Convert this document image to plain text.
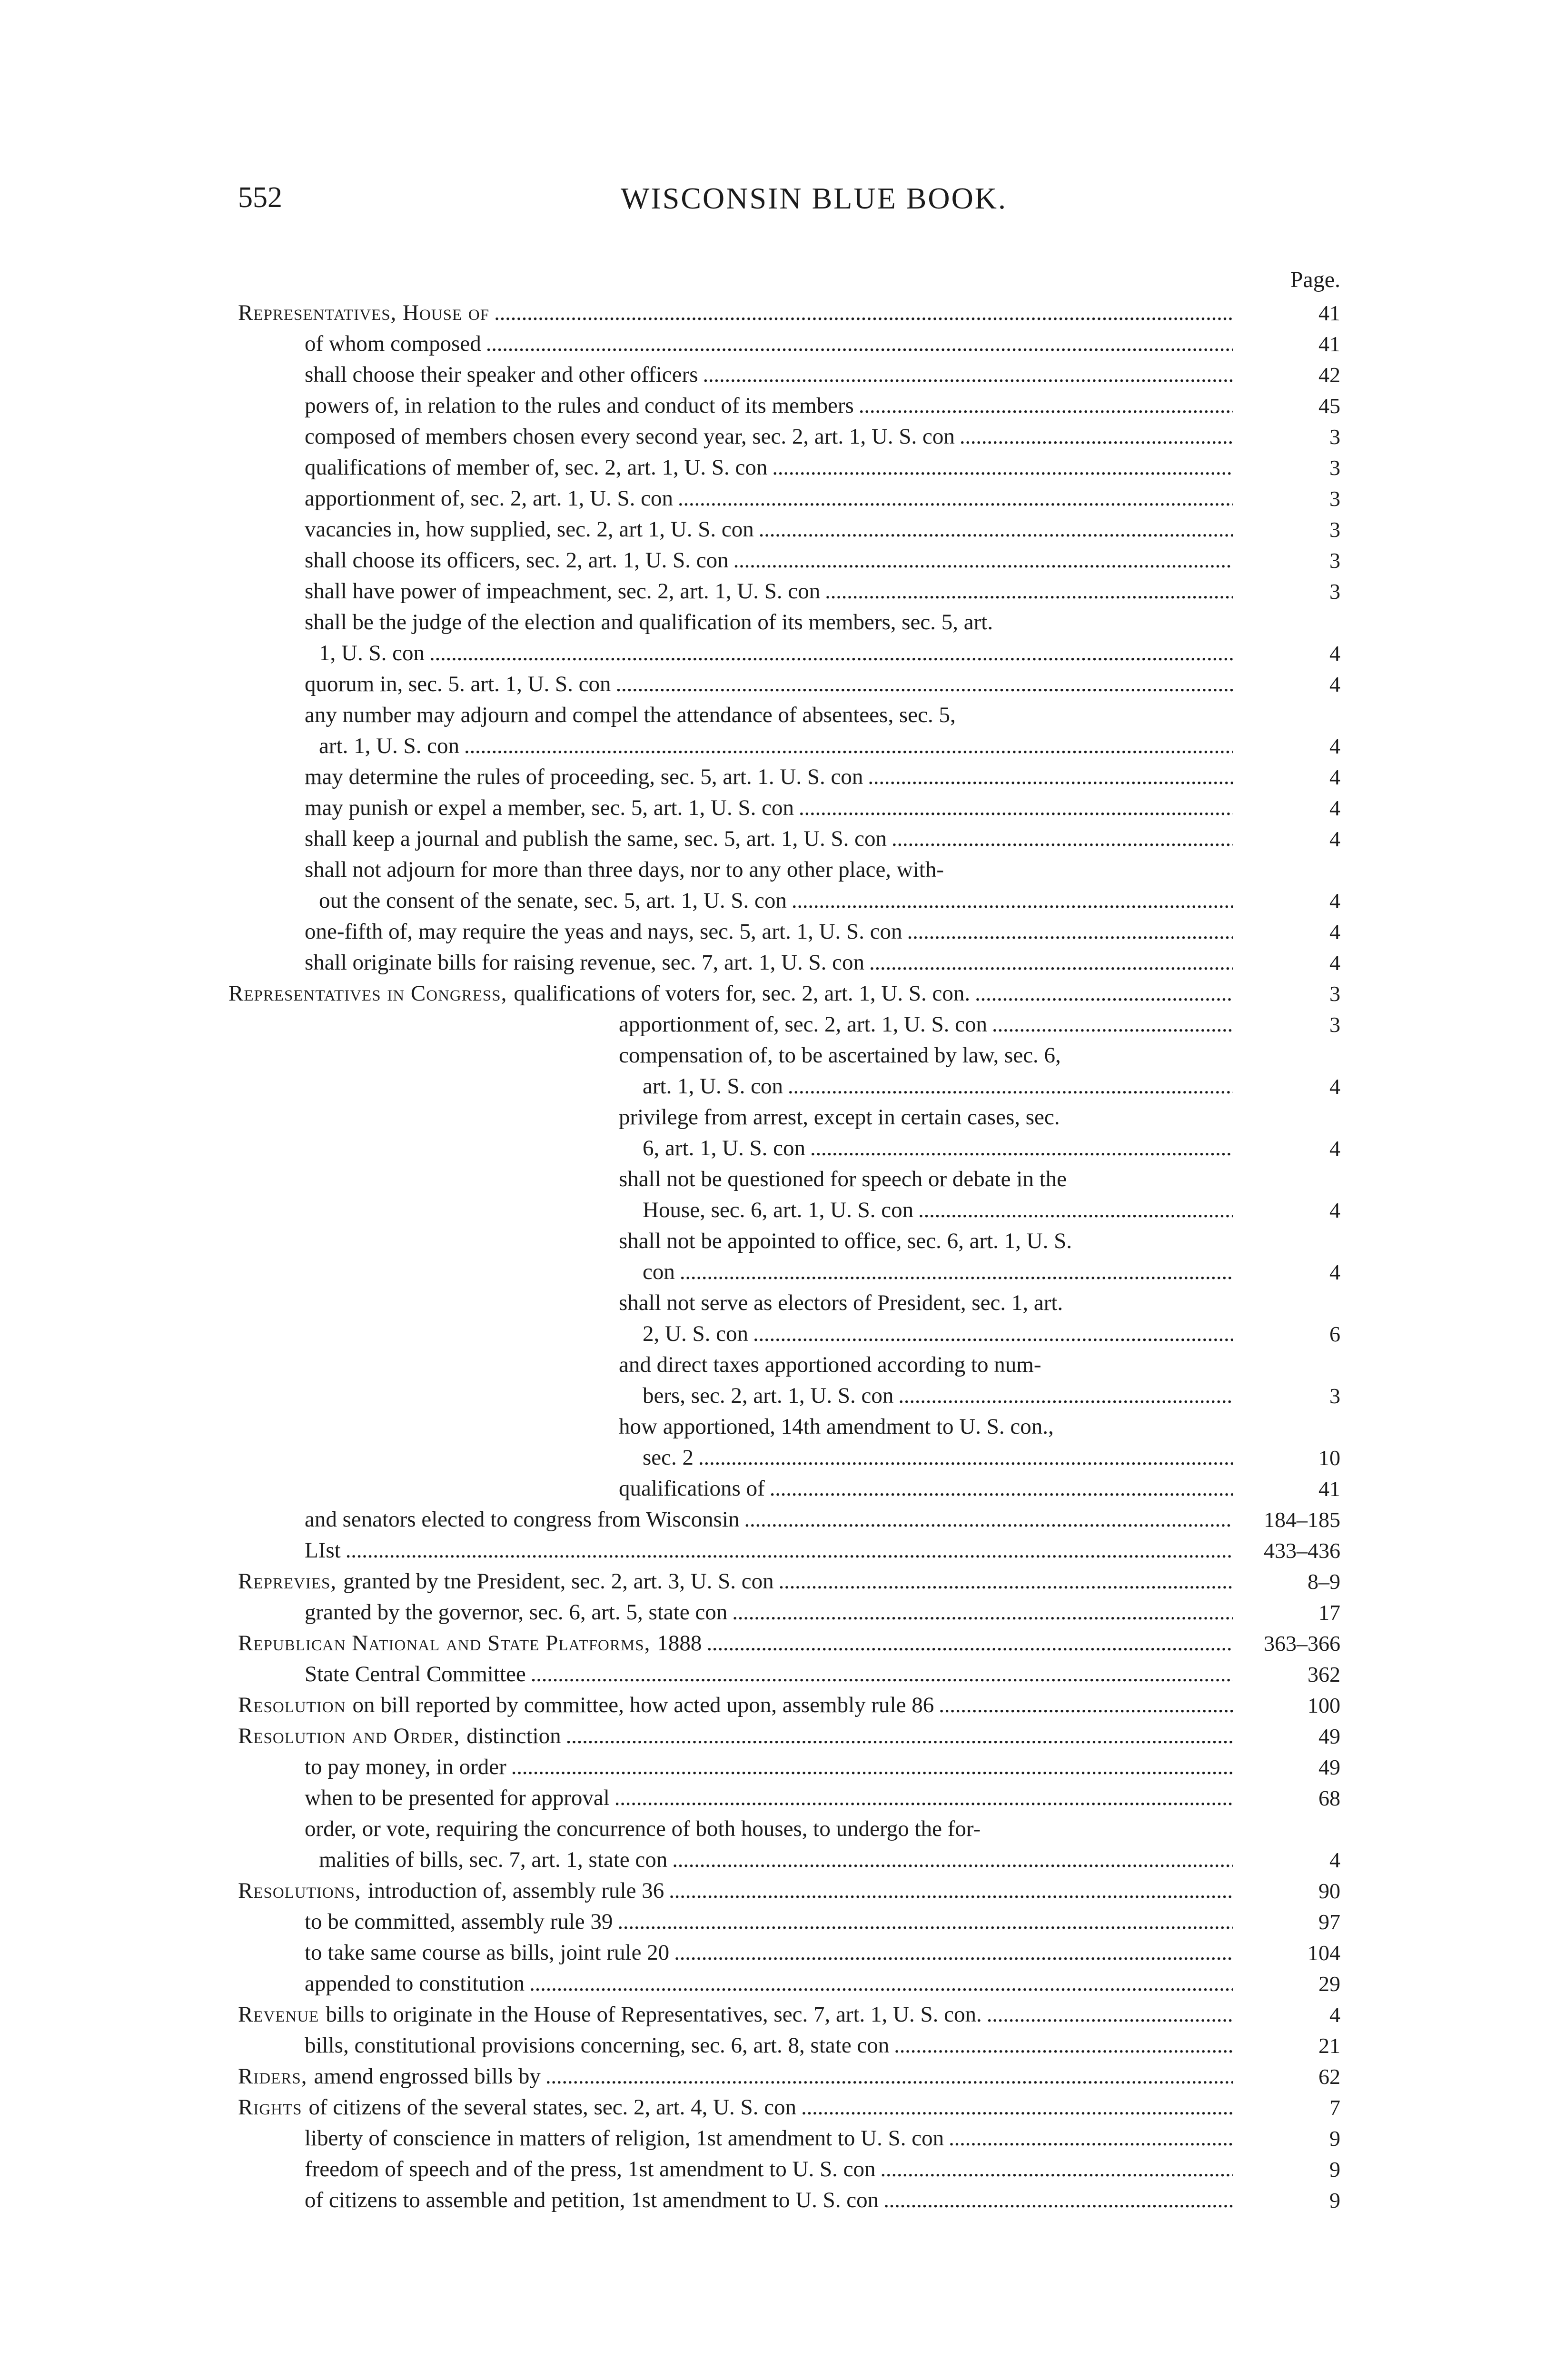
552	WISCONSIN BLUE BOOK.
Page.
Representatives, House of . . .	41
of whom composed . . .	41
shall choose their speaker and other officers . . .	42
powers of, in relation to the rules and conduct of its members . . .	45
composed of members chosen every second year, sec. 2, art. 1, U. S. con . . .	3
qualifications of member of, sec. 2, art. 1, U. S. con . . .	3
apportionment of, sec. 2, art. 1, U. S. con . . .	3
vacancies in, how supplied, sec. 2, art 1, U. S. con . . .	3
shall choose its officers, sec. 2, art. 1, U. S. con . . .	3
shall have power of impeachment, sec. 2, art. 1, U. S. con . . .	3
shall be the judge of the election and qualification of its members, sec. 5, art.
1, U. S. con . . .	4
quorum in, sec. 5. art. 1, U. S. con . . .	4
any number may adjourn and compel the attendance of absentees, sec. 5,
art. 1, U. S. con . . .	4
may determine the rules of proceeding, sec. 5, art. 1. U. S. con . . .	4
may punish or expel a member, sec. 5, art. 1, U. S. con . . .	4
shall keep a journal and publish the same, sec. 5, art. 1, U. S. con . . .	4
shall not adjourn for more than three days, nor to any other place, with-
out the consent of the senate, sec. 5, art. 1, U. S. con . . .	4
one-fifth of, may require the yeas and nays, sec. 5, art. 1, U. S. con . . .	4
shall originate bills for raising revenue, sec. 7, art. 1, U. S. con . . .	4
Representatives in Congress, qualifications of voters for, sec. 2, art. 1, U. S. con. . . .	3
apportionment of, sec. 2, art. 1, U. S. con . . .	3
compensation of, to be ascertained by law, sec. 6,
art. 1, U. S. con . . .	4
privilege from arrest, except in certain cases, sec.
6, art. 1, U. S. con . . .	4
shall not be questioned for speech or debate in the
House, sec. 6, art. 1, U. S. con . . .	4
shall not be appointed to office, sec. 6, art. 1, U. S.
con . . .	4
shall not serve as electors of President, sec. 1, art.
2, U. S. con . . .	6
and direct taxes apportioned according to num-
bers, sec. 2, art. 1, U. S. con . . .	3
how apportioned, 14th amendment to U. S. con.,
sec. 2 . . .	10
qualifications of . . .	41
and senators elected to congress from Wisconsin . . .	184–185
LIst . . .	433–436
Reprevies, granted by tne President, sec. 2, art. 3, U. S. con . . .	8–9
granted by the governor, sec. 6, art. 5, state con . . .	17
Republican National and State Platforms, 1888 . . .	363–366
State Central Committee . . .	362
Resolution on bill reported by committee, how acted upon, assembly rule 86 . . .	100
Resolution and Order, distinction . . .	49
to pay money, in order . . .	49
when to be presented for approval . . .	68
order, or vote, requiring the concurrence of both houses, to undergo the for-
malities of bills, sec. 7, art. 1, state con . . .	4
Resolutions, introduction of, assembly rule 36 . . .	90
to be committed, assembly rule 39 . . .	97
to take same course as bills, joint rule 20 . . .	104
appended to constitution . . .	29
Revenue bills to originate in the House of Representatives, sec. 7, art. 1, U. S. con. . . .	4
bills, constitutional provisions concerning, sec. 6, art. 8, state con . . .	21
Riders, amend engrossed bills by . . .	62
Rights of citizens of the several states, sec. 2, art. 4, U. S. con . . .	7
liberty of conscience in matters of religion, 1st amendment to U. S. con . . .	9
freedom of speech and of the press, 1st amendment to U. S. con . . .	9
of citizens to assemble and petition, 1st amendment to U. S. con . . .	9
